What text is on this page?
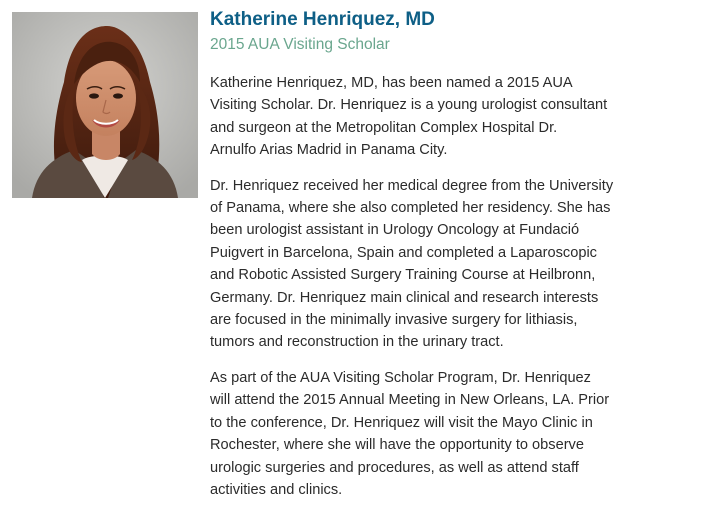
Katherine Henriquez, MD
2015 AUA Visiting Scholar

Katherine Henriquez, MD, has been named a 2015 AUA
Visiting Scholar. Dr. Henriquez is a young urologist consultant
and surgeon at the Metropolitan Complex Hospital Dr.
Arnulfo Arias Madrid in Panama City.

Dr. Henriquez received her medical degree from the University
of Panama, where she also completed her residency. She has
been urologist assistant in Urology Oncology at Fundació
Puigvert in Barcelona, Spain and completed a Laparoscopic
and Robotic Assisted Surgery Training Course at Heilbronn,
Germany. Dr. Henriquez main clinical and research interests
are focused in the minimally invasive surgery for lithiasis,
tumors and reconstruction in the urinary tract.

As part of the AUA Visiting Scholar Program, Dr. Henriquez
will attend the 2015 Annual Meeting in New Orleans, LA. Prior
to the conference, Dr. Henriquez will visit the Mayo Clinic in
Rochester, where she will have the opportunity to observe
urologic surgeries and procedures, as well as attend staff
activities and clinics.
